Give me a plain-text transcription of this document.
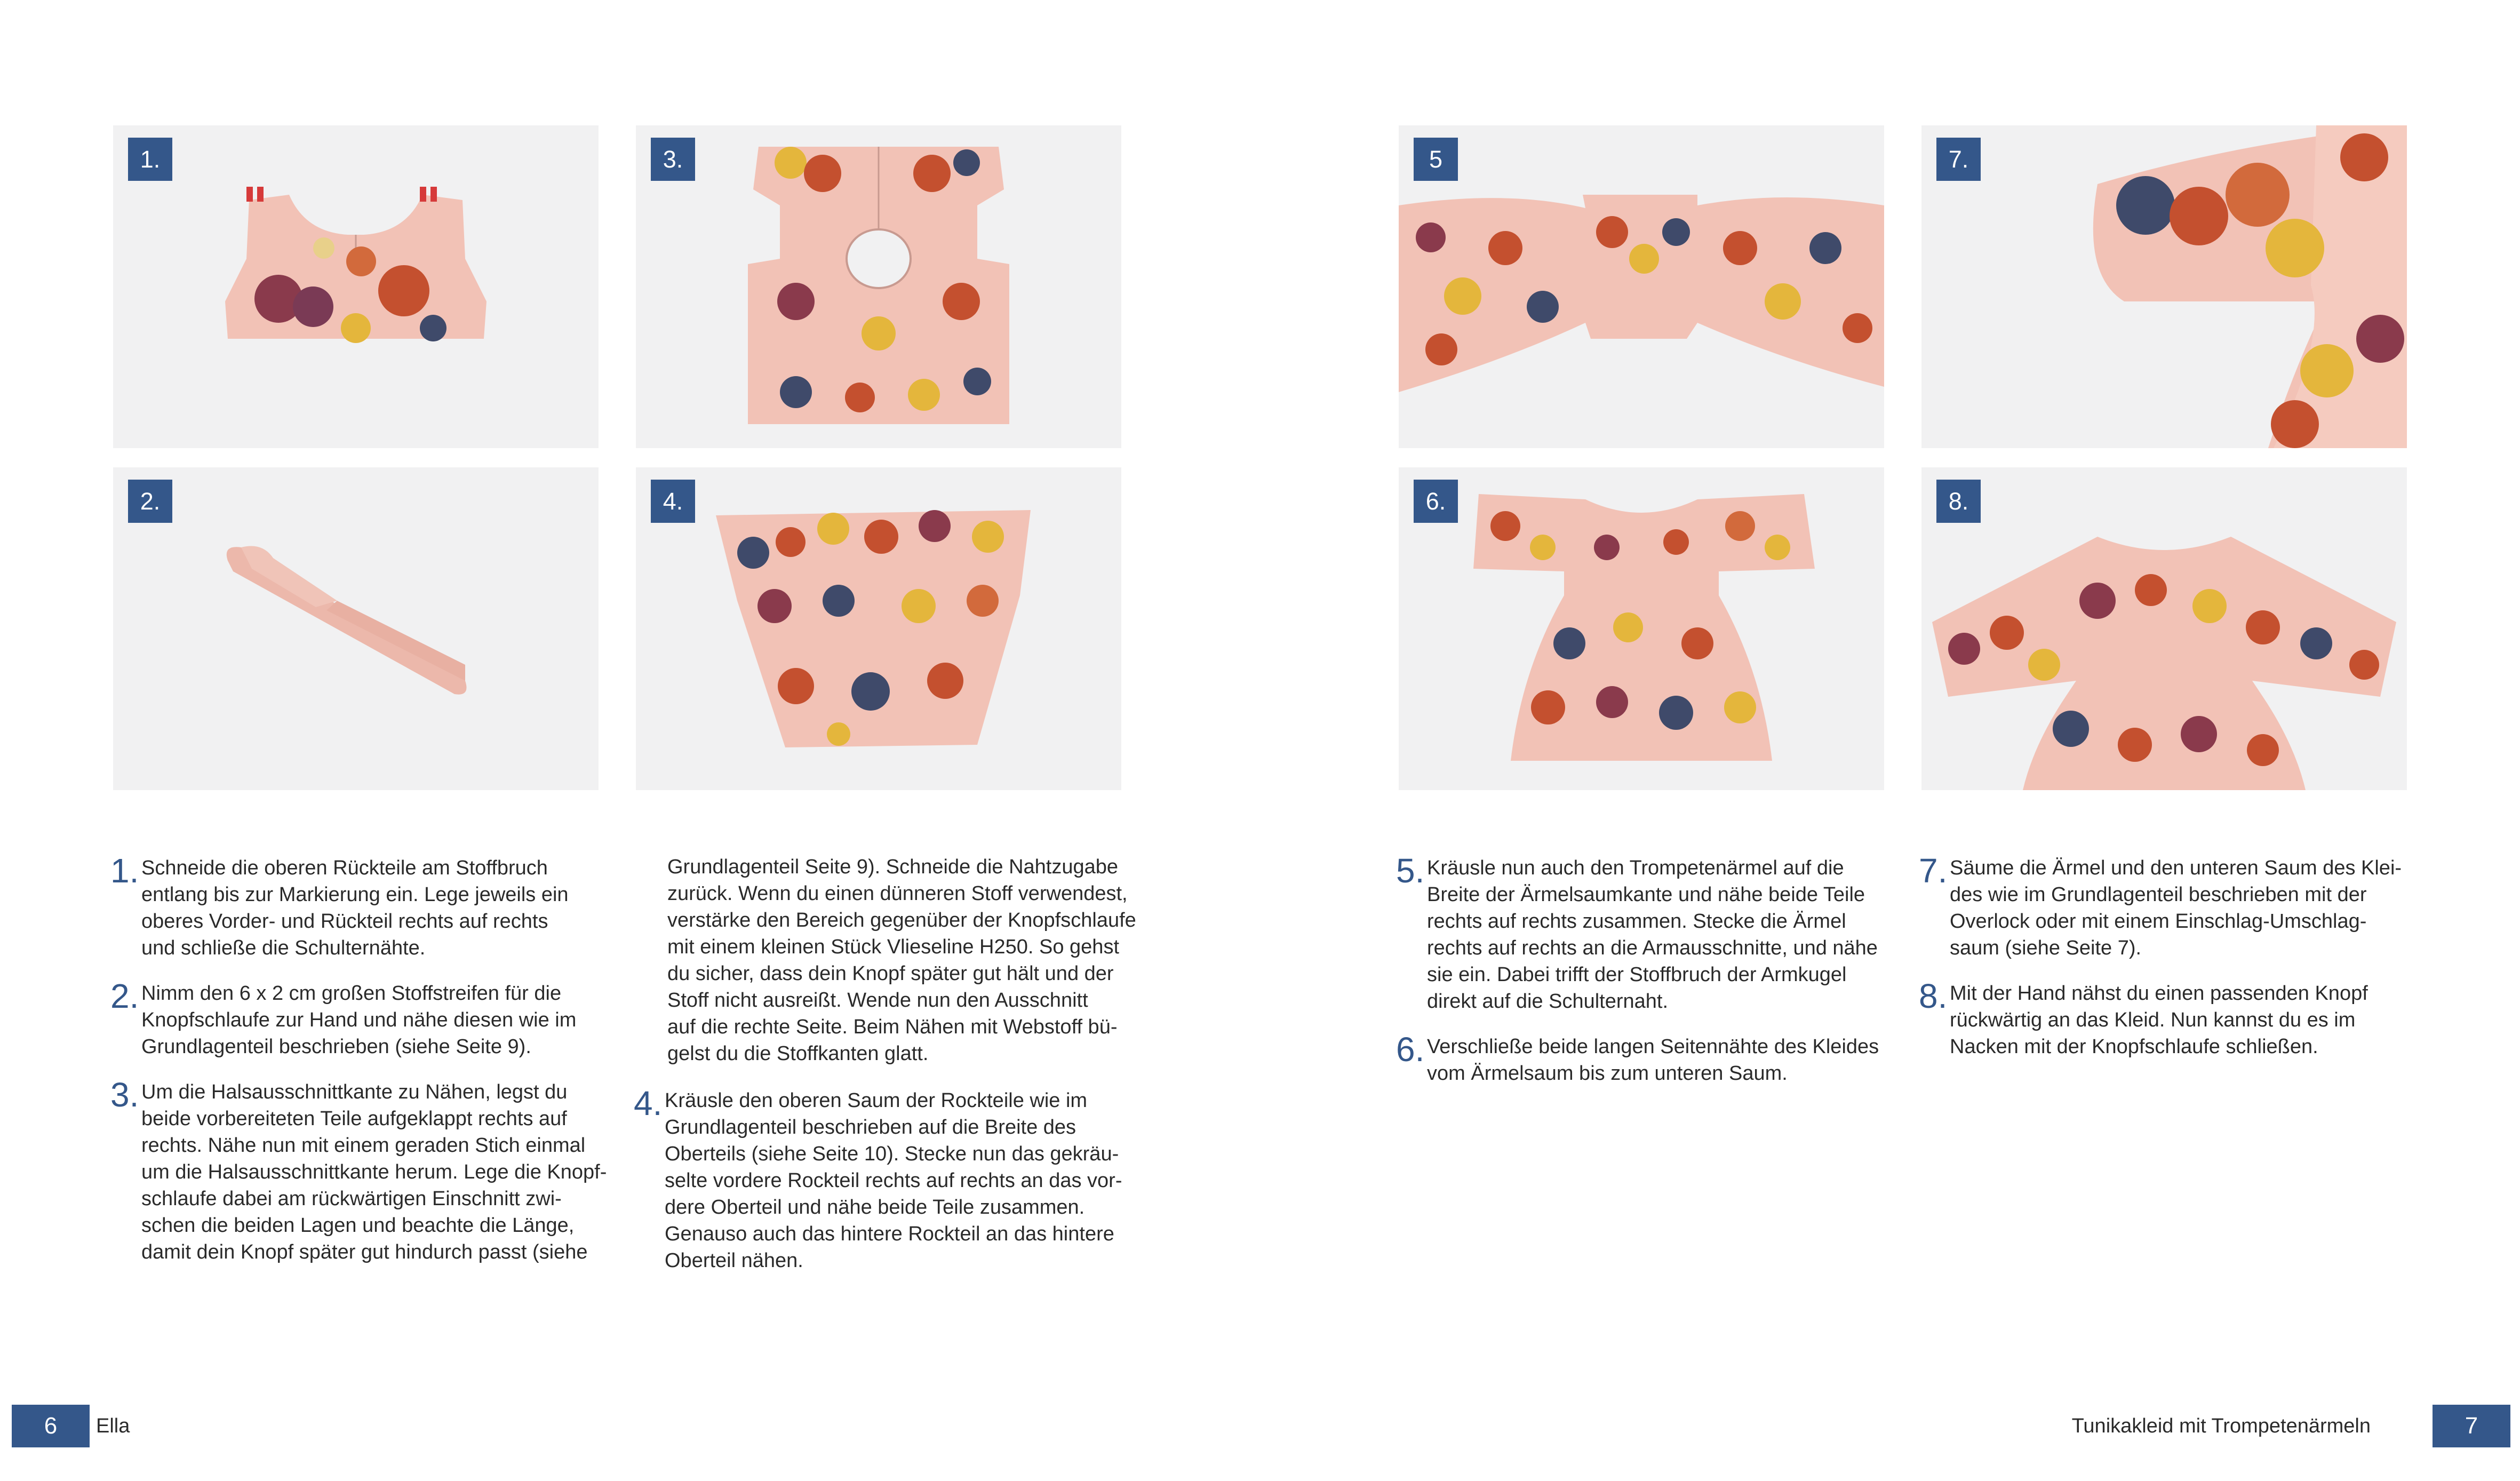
1.	3.
2.	4.
5	7.
6.	8.
1. Schneide die oberen Rückteile am Stoffbruch
entlang bis zur Markierung ein. Lege jeweils ein
oberes Vorder- und Rückteil rechts auf rechts
und schließe die Schulternähte.
2. Nimm den 6 x 2 cm großen Stoffstreifen für die
Knopfschlaufe zur Hand und nähe diesen wie im
Grundlagenteil beschrieben (siehe Seite 9).
3. Um die Halsausschnittkante zu Nähen, legst du
beide vorbereiteten Teile aufgeklappt rechts auf
rechts. Nähe nun mit einem geraden Stich einmal
um die Halsausschnittkante herum. Lege die Knopf-
schlaufe dabei am rückwärtigen Einschnitt zwi-
schen die beiden Lagen und beachte die Länge,
damit dein Knopf später gut hindurch passt (siehe
Grundlagenteil Seite 9). Schneide die Nahtzugabe
zurück. Wenn du einen dünneren Stoff verwendest,
verstärke den Bereich gegenüber der Knopfschlaufe
mit einem kleinen Stück Vlieseline H250. So gehst
du sicher, dass dein Knopf später gut hält und der
Stoff nicht ausreißt. Wende nun den Ausschnitt
auf die rechte Seite. Beim Nähen mit Webstoff bü-
gelst du die Stoffkanten glatt.
4. Kräusle den oberen Saum der Rockteile wie im
Grundlagenteil beschrieben auf die Breite des
Oberteils (siehe Seite 10). Stecke nun das gekräu-
selte vordere Rockteil rechts auf rechts an das vor-
dere Oberteil und nähe beide Teile zusammen.
Genauso auch das hintere Rockteil an das hintere
Oberteil nähen.
5. Kräusle nun auch den Trompetenärmel auf die
Breite der Ärmelsaumkante und nähe beide Teile
rechts auf rechts zusammen. Stecke die Ärmel
rechts auf rechts an die Armausschnitte, und nähe
sie ein. Dabei trifft der Stoffbruch der Armkugel
direkt auf die Schulternaht.
6. Verschließe beide langen Seitennähte des Kleides
vom Ärmelsaum bis zum unteren Saum.
7. Säume die Ärmel und den unteren Saum des Klei-
des wie im Grundlagenteil beschrieben mit der
Overlock oder mit einem Einschlag-Umschlag-
saum (siehe Seite 7).
8. Mit der Hand nähst du einen passenden Knopf
rückwärtig an das Kleid. Nun kannst du es im
Nacken mit der Knopfschlaufe schließen.
6	Ella	Tunikakleid mit Trompetenärmeln	7
